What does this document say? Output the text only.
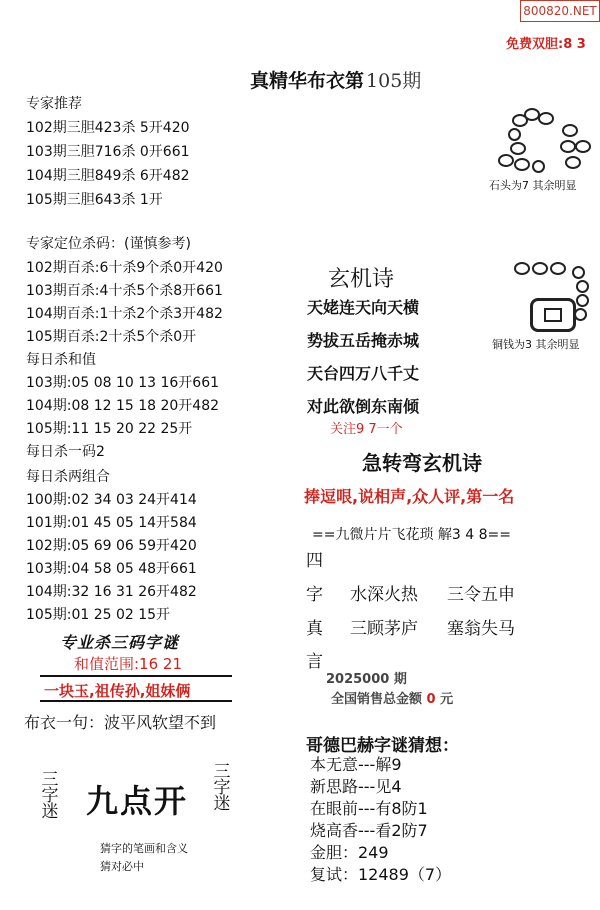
800820.NET
免费双胆:8 3
真精华布衣第 105期
专家推荐
102期三胆423杀 5开420
103期三胆716杀 0开661
104期三胆849杀 6开482
105期三胆643杀 1开
专家定位杀码：(谨慎参考)
102期百杀:6十杀9个杀0开420
103期百杀:4十杀5个杀8开661
104期百杀:1十杀2个杀3开482
105期百杀:2十杀5个杀0开
每日杀和值
103期:05 08 10 13 16开661
104期:08 12 15 18 20开482
105期:11 15 20 22 25开
每日杀一码2
每日杀两组合
100期:02 34 03 24开414
101期:01 45 05 14开584
102期:05 69 06 59开420
103期:04 58 05 48开661
104期:32 16 31 26开482
105期:01 25 02 15开
专业杀三码字谜
和值范围:16 21
一块玉,祖传孙,姐妹俩
布衣一句：波平风软望不到
三字迷 九点开
三字迷
猜字的笔画和含义
猜对必中
石头为7 其余明显
铜钱为3 其余明显
玄机诗
天姥连天向天横
势拔五岳掩赤城
天台四万八千丈
对此欲倒东南倾
关注9 7一个
急转弯玄机诗
捧逗哏,说相声,众人评,第一名
==九微片片飞花琐 解3 4 8==
四
字
真
言
水深火热 三令五申
三顾茅庐 塞翁失马
2025000 期
全国销售总金额 0 元
哥德巴赫字谜猜想：
本无意---解9
新思路---见4
在眼前---有8防1
烧高香---看2防7
金胆：249
复试：12489（7）
